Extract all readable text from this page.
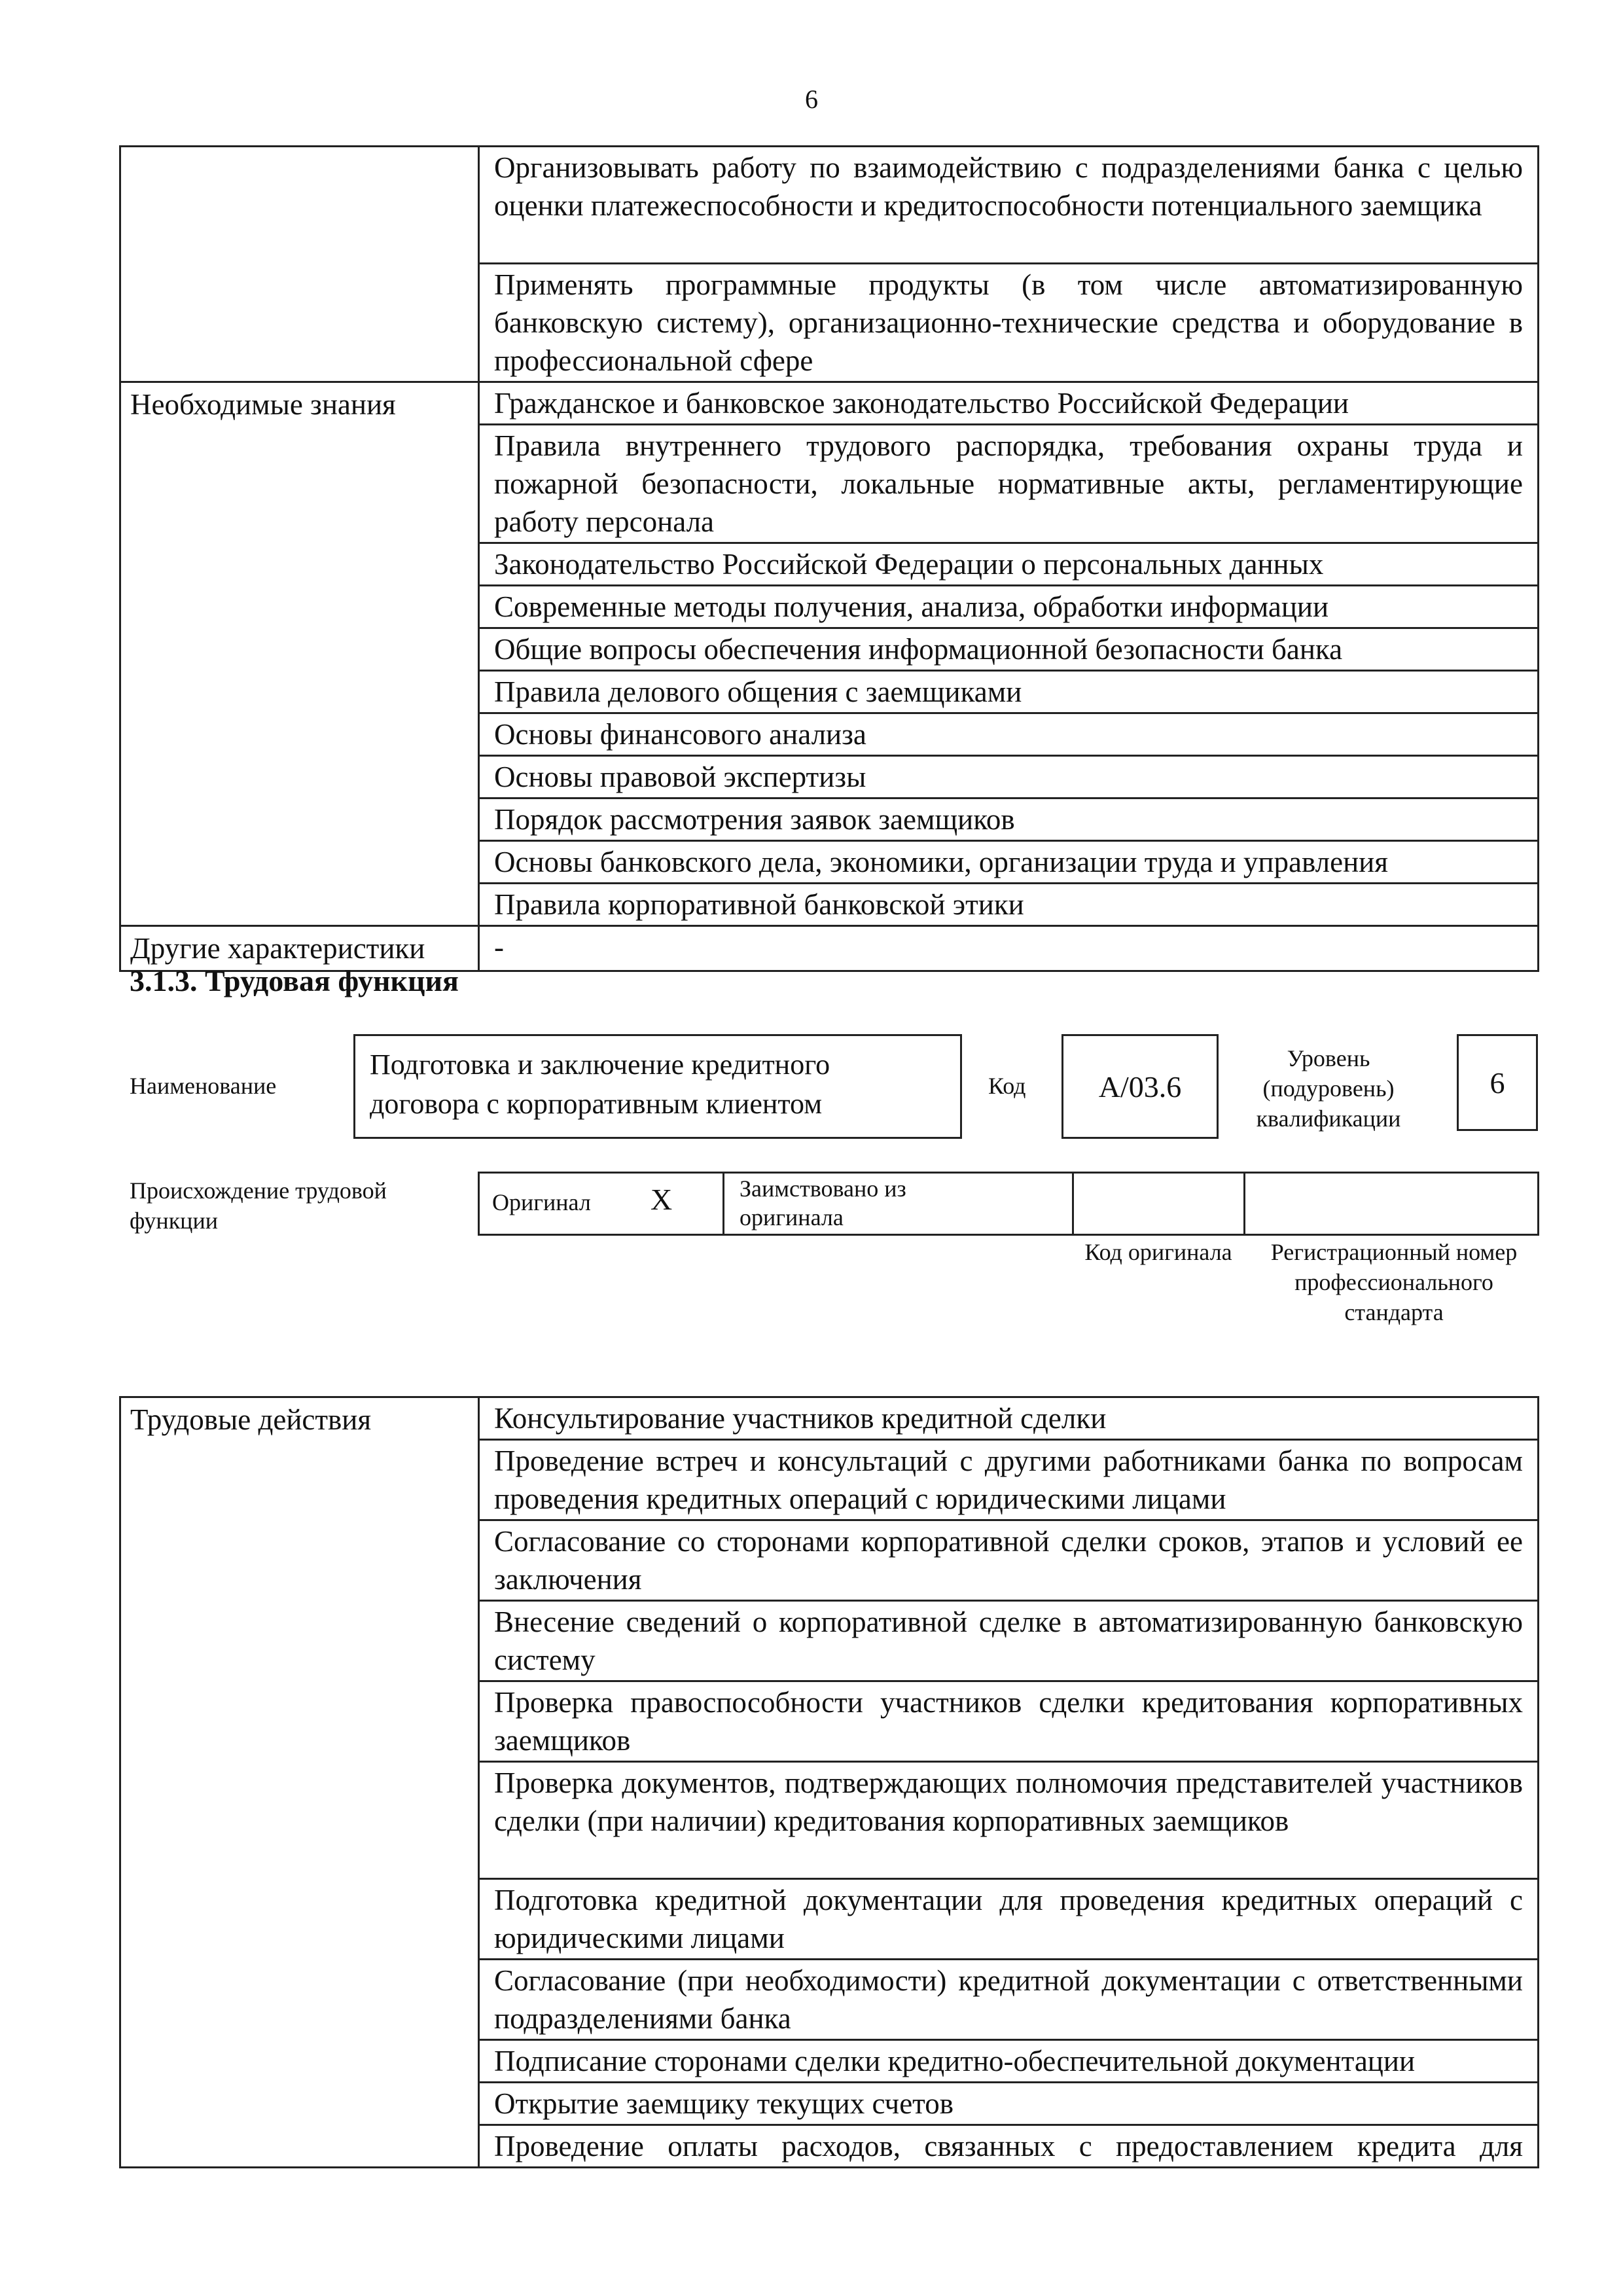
6
	Организовывать работу по взаимодействию с подразделениями банка с целью оценки платежеспособности и кредитоспособности потенциального заемщика
	Применять программные продукты (в том числе автоматизированную банковскую систему), организационно-технические средства и оборудование в профессиональной сфере
Необходимые знания	Гражданское и банковское законодательство Российской Федерации
	Правила внутреннего трудового распорядка, требования охраны труда и пожарной безопасности, локальные нормативные акты, регламентирующие работу персонала
	Законодательство Российской Федерации о персональных данных
	Современные методы получения, анализа, обработки информации
	Общие вопросы обеспечения информационной безопасности банка
	Правила делового общения с заемщиками
	Основы финансового анализа
	Основы правовой экспертизы
	Порядок рассмотрения заявок заемщиков
	Основы банковского дела, экономики, организации труда и управления
	Правила корпоративной банковской этики
Другие характеристики	-
3.1.3. Трудовая функция
Наименование
Подготовка и заключение кредитного договора с корпоративным клиентом
Код A/03.6
Уровень (подуровень) квалификации
6
Происхождение трудовой функции
Оригинал X	Заимствовано из оригинала
Код оригинала	Регистрационный номер профессионального стандарта
Трудовые действия	Консультирование участников кредитной сделки
Проведение встреч и консультаций с другими работниками банка по вопросам проведения кредитных операций с юридическими лицами
Согласование со сторонами корпоративной сделки сроков, этапов и условий ее заключения
Внесение сведений о корпоративной сделке в автоматизированную банковскую систему
Проверка правоспособности участников сделки кредитования корпоративных заемщиков
Проверка документов, подтверждающих полномочия представителей участников сделки (при наличии) кредитования корпоративных заемщиков
Подготовка кредитной документации для проведения кредитных операций с юридическими лицами
Согласование (при необходимости) кредитной документации с ответственными подразделениями банка
Подписание сторонами сделки кредитно-обеспечительной документации
Открытие заемщику текущих счетов
Проведение оплаты расходов, связанных с предоставлением кредита для
